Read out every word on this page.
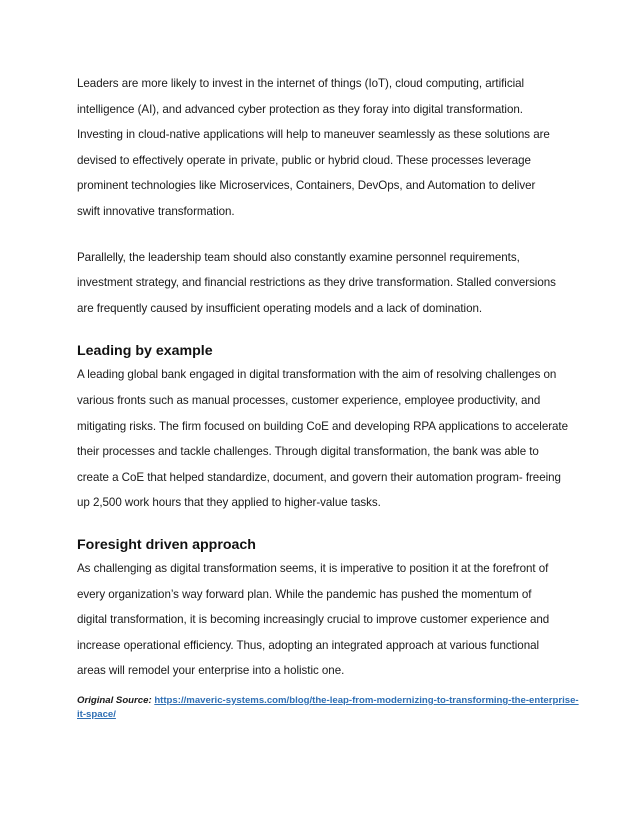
Leaders are more likely to invest in the internet of things (IoT), cloud computing, artificial
intelligence (AI), and advanced cyber protection as they foray into digital transformation.
Investing in cloud-native applications will help to maneuver seamlessly as these solutions are
devised to effectively operate in private, public or hybrid cloud. These processes leverage
prominent technologies like Microservices, Containers, DevOps, and Automation to deliver
swift innovative transformation.

Parallelly, the leadership team should also constantly examine personnel requirements,
investment strategy, and financial restrictions as they drive transformation. Stalled conversions
are frequently caused by insufficient operating models and a lack of domination.

Leading by example

A leading global bank engaged in digital transformation with the aim of resolving challenges on
various fronts such as manual processes, customer experience, employee productivity, and
mitigating risks. The firm focused on building CoE and developing RPA applications to accelerate
their processes and tackle challenges. Through digital transformation, the bank was able to
create a CoE that helped standardize, document, and govern their automation program- freeing
up 2,500 work hours that they applied to higher-value tasks.

Foresight driven approach

As challenging as digital transformation seems, it is imperative to position it at the forefront of
every organization’s way forward plan. While the pandemic has pushed the momentum of
digital transformation, it is becoming increasingly crucial to improve customer experience and
increase operational efficiency. Thus, adopting an integrated approach at various functional
areas will remodel your enterprise into a holistic one.

Original Source: https://maveric-systems.com/blog/the-leap-from-modernizing-to-transforming-the-enterprise-
it-space/
